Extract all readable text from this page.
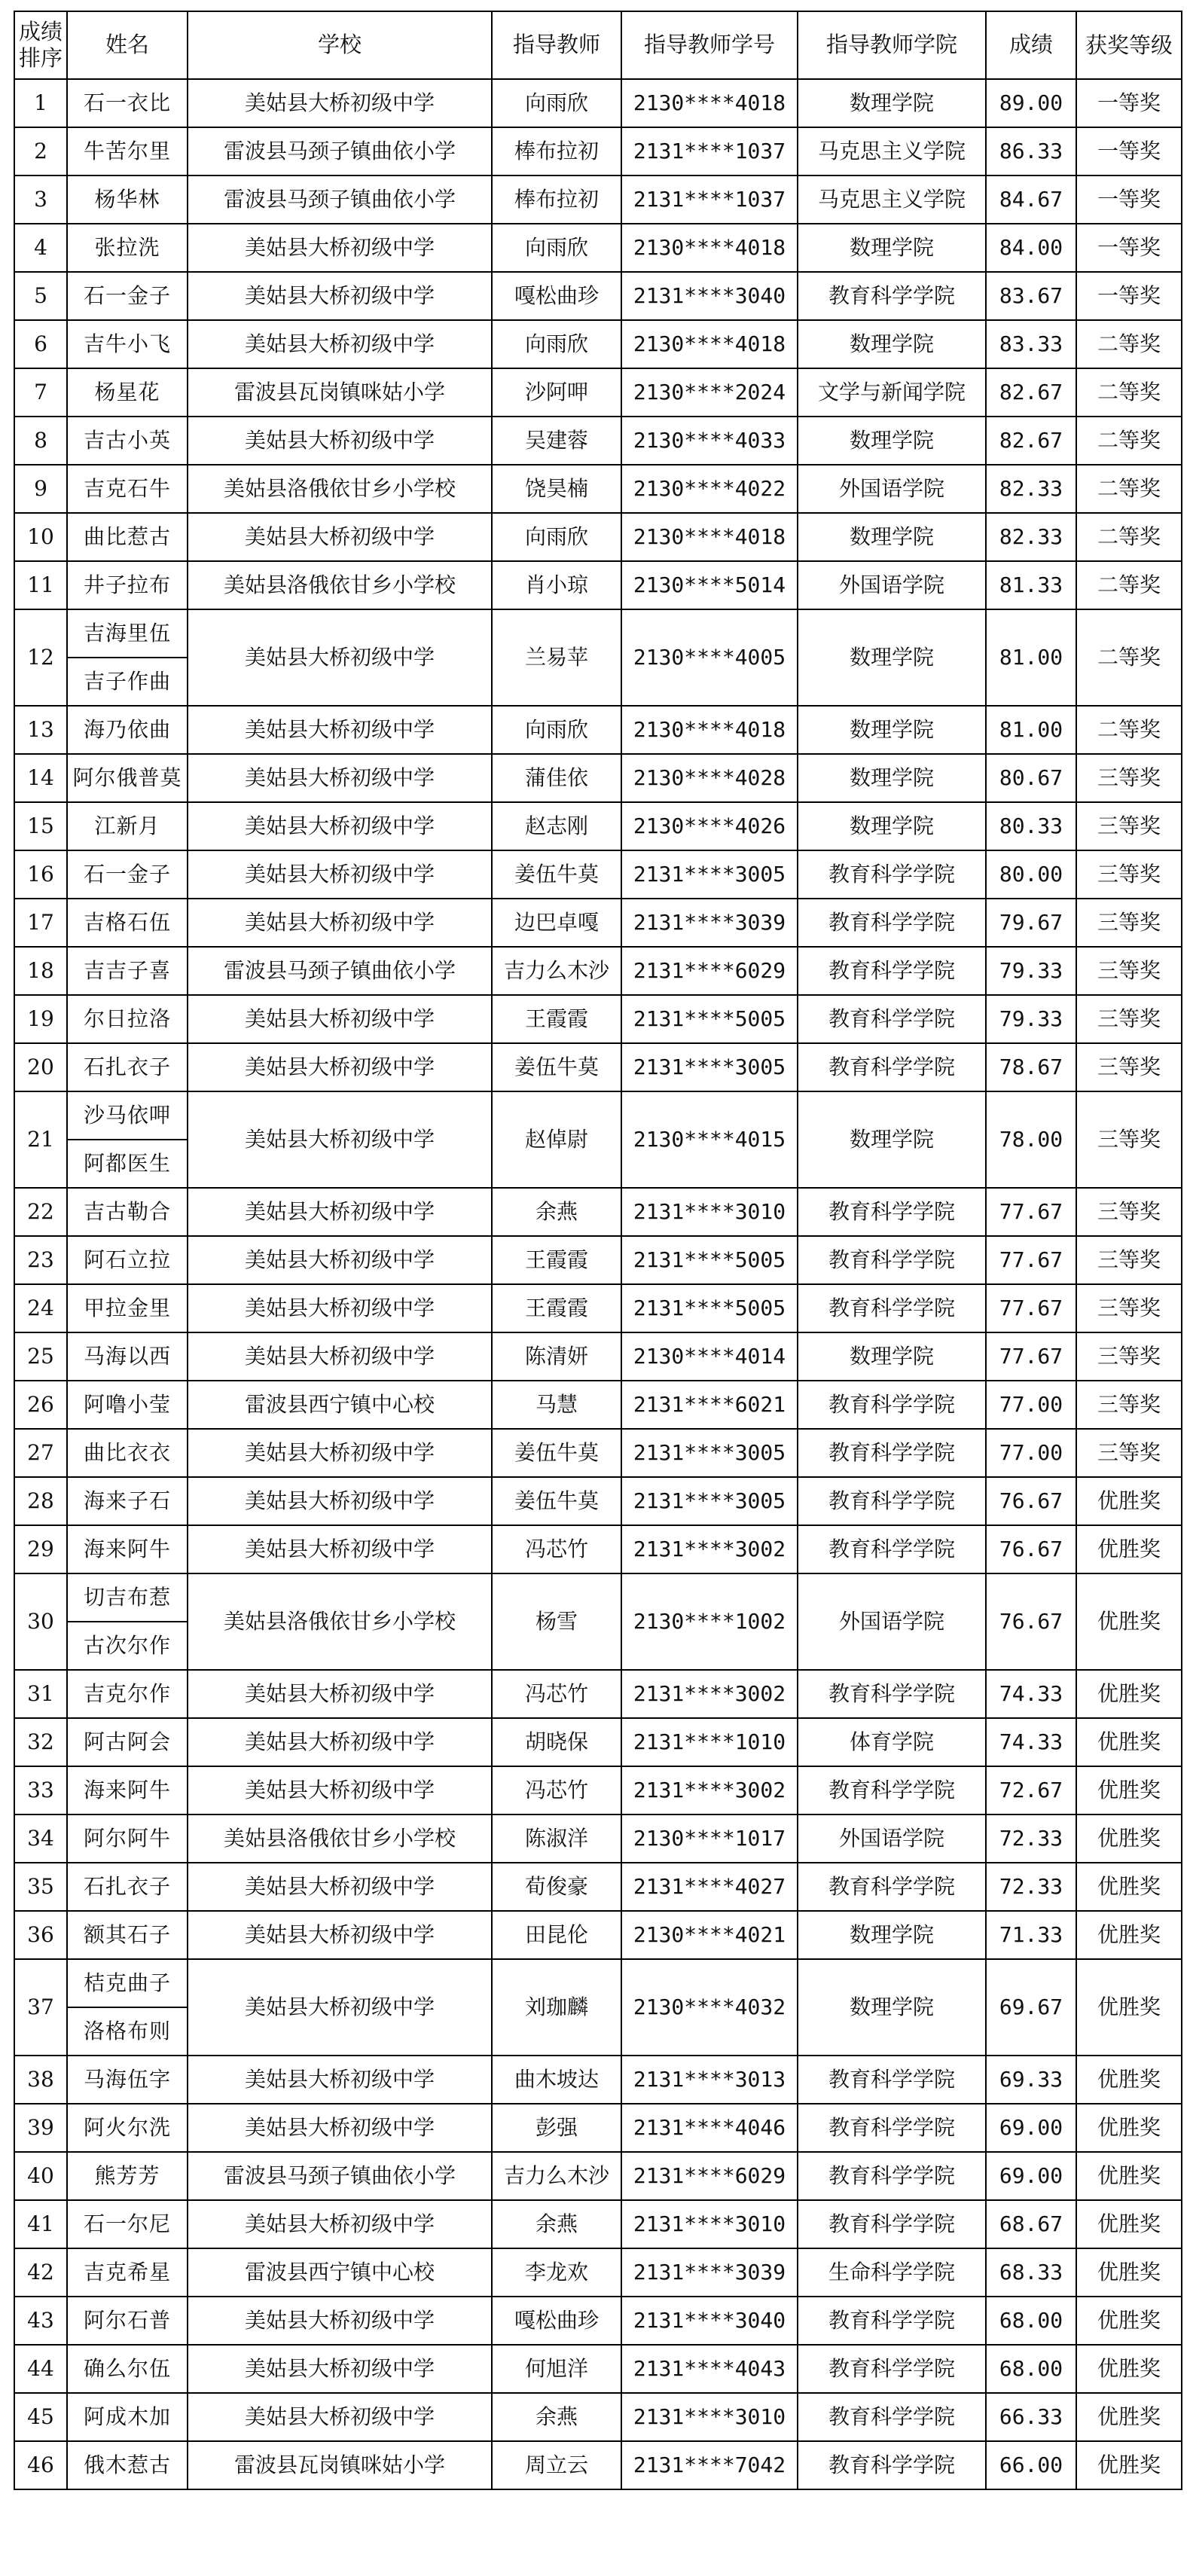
成绩排序	姓名	学校	指导教师	指导教师学号	指导教师学院	成绩	获奖等级
1	石一衣比	美姑县大桥初级中学	向雨欣	2130****4018	数理学院	89.00	一等奖
2	牛苦尔里	雷波县马颈子镇曲依小学	棒布拉初	2131****1037	马克思主义学院	86.33	一等奖
3	杨华林	雷波县马颈子镇曲依小学	棒布拉初	2131****1037	马克思主义学院	84.67	一等奖
4	张拉洗	美姑县大桥初级中学	向雨欣	2130****4018	数理学院	84.00	一等奖
5	石一金子	美姑县大桥初级中学	嘎松曲珍	2131****3040	教育科学学院	83.67	一等奖
6	吉牛小飞	美姑县大桥初级中学	向雨欣	2130****4018	数理学院	83.33	二等奖
7	杨星花	雷波县瓦岗镇咪姑小学	沙阿呷	2130****2024	文学与新闻学院	82.67	二等奖
8	吉古小英	美姑县大桥初级中学	吴建蓉	2130****4033	数理学院	82.67	二等奖
9	吉克石牛	美姑县洛俄依甘乡小学校	饶昊楠	2130****4022	外国语学院	82.33	二等奖
10	曲比惹古	美姑县大桥初级中学	向雨欣	2130****4018	数理学院	82.33	二等奖
11	井子拉布	美姑县洛俄依甘乡小学校	肖小琼	2130****5014	外国语学院	81.33	二等奖
12	吉海里伍	美姑县大桥初级中学	兰易苹	2130****4005	数理学院	81.00	二等奖
	吉子作曲						
13	海乃依曲	美姑县大桥初级中学	向雨欣	2130****4018	数理学院	81.00	二等奖
14	阿尔俄普莫	美姑县大桥初级中学	蒲佳依	2130****4028	数理学院	80.67	三等奖
15	江新月	美姑县大桥初级中学	赵志刚	2130****4026	数理学院	80.33	三等奖
16	石一金子	美姑县大桥初级中学	姜伍牛莫	2131****3005	教育科学学院	80.00	三等奖
17	吉格石伍	美姑县大桥初级中学	边巴卓嘎	2131****3039	教育科学学院	79.67	三等奖
18	吉吉子喜	雷波县马颈子镇曲依小学	吉力么木沙	2131****6029	教育科学学院	79.33	三等奖
19	尔日拉洛	美姑县大桥初级中学	王霞霞	2131****5005	教育科学学院	79.33	三等奖
20	石扎衣子	美姑县大桥初级中学	姜伍牛莫	2131****3005	教育科学学院	78.67	三等奖
21	沙马依呷	美姑县大桥初级中学	赵倬尉	2130****4015	数理学院	78.00	三等奖
	阿都医生						
22	吉古勒合	美姑县大桥初级中学	余燕	2131****3010	教育科学学院	77.67	三等奖
23	阿石立拉	美姑县大桥初级中学	王霞霞	2131****5005	教育科学学院	77.67	三等奖
24	甲拉金里	美姑县大桥初级中学	王霞霞	2131****5005	教育科学学院	77.67	三等奖
25	马海以西	美姑县大桥初级中学	陈清妍	2130****4014	数理学院	77.67	三等奖
26	阿噜小莹	雷波县西宁镇中心校	马慧	2131****6021	教育科学学院	77.00	三等奖
27	曲比衣衣	美姑县大桥初级中学	姜伍牛莫	2131****3005	教育科学学院	77.00	三等奖
28	海来子石	美姑县大桥初级中学	姜伍牛莫	2131****3005	教育科学学院	76.67	优胜奖
29	海来阿牛	美姑县大桥初级中学	冯芯竹	2131****3002	教育科学学院	76.67	优胜奖
30	切吉布惹	美姑县洛俄依甘乡小学校	杨雪	2130****1002	外国语学院	76.67	优胜奖
	古次尔作						
31	吉克尔作	美姑县大桥初级中学	冯芯竹	2131****3002	教育科学学院	74.33	优胜奖
32	阿古阿会	美姑县大桥初级中学	胡晓保	2131****1010	体育学院	74.33	优胜奖
33	海来阿牛	美姑县大桥初级中学	冯芯竹	2131****3002	教育科学学院	72.67	优胜奖
34	阿尔阿牛	美姑县洛俄依甘乡小学校	陈淑洋	2130****1017	外国语学院	72.33	优胜奖
35	石扎衣子	美姑县大桥初级中学	荀俊豪	2131****4027	教育科学学院	72.33	优胜奖
36	额其石子	美姑县大桥初级中学	田昆伦	2130****4021	数理学院	71.33	优胜奖
37	桔克曲子	美姑县大桥初级中学	刘珈麟	2130****4032	数理学院	69.67	优胜奖
	洛格布则						
38	马海伍字	美姑县大桥初级中学	曲木坡达	2131****3013	教育科学学院	69.33	优胜奖
39	阿火尔洗	美姑县大桥初级中学	彭强	2131****4046	教育科学学院	69.00	优胜奖
40	熊芳芳	雷波县马颈子镇曲依小学	吉力么木沙	2131****6029	教育科学学院	69.00	优胜奖
41	石一尔尼	美姑县大桥初级中学	余燕	2131****3010	教育科学学院	68.67	优胜奖
42	吉克希星	雷波县西宁镇中心校	李龙欢	2131****3039	生命科学学院	68.33	优胜奖
43	阿尔石普	美姑县大桥初级中学	嘎松曲珍	2131****3040	教育科学学院	68.00	优胜奖
44	确么尔伍	美姑县大桥初级中学	何旭洋	2131****4043	教育科学学院	68.00	优胜奖
45	阿成木加	美姑县大桥初级中学	余燕	2131****3010	教育科学学院	66.33	优胜奖
46	俄木惹古	雷波县瓦岗镇咪姑小学	周立云	2131****7042	教育科学学院	66.00	优胜奖
